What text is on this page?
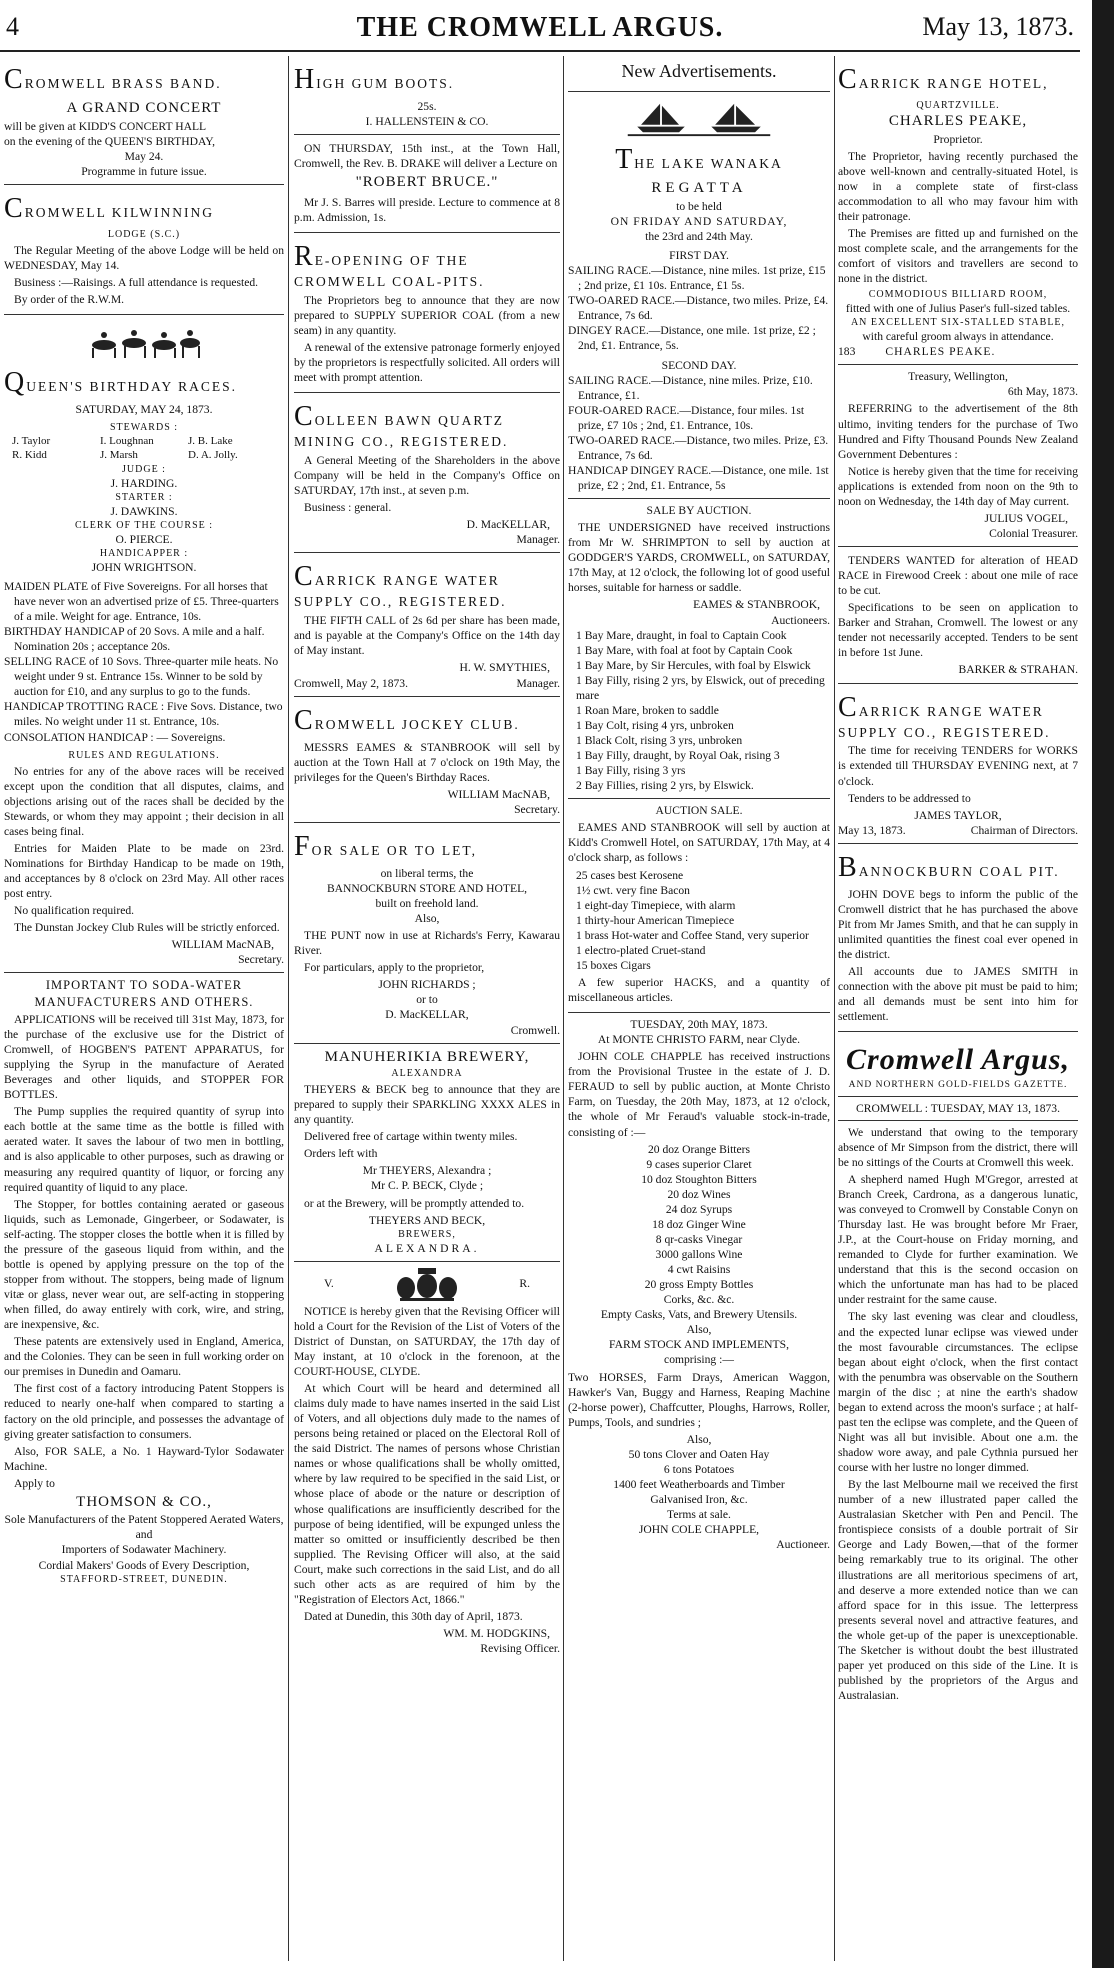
4	THE CROMWELL ARGUS.	May 13, 1873.
CROMWELL BRASS BAND.
A GRAND CONCERT
will be given at KIDD'S CONCERT HALL
on the evening of the QUEEN'S BIRTHDAY,
May 24.
Programme in future issue.
CROMWELL KILWINNING
LODGE (S.C.)

The Regular Meeting of the above Lodge will be held on WEDNESDAY, May 14.

Business :—Raisings. A full attendance is requested.

By order of the R.W.M.

QUEEN'S BIRTHDAY RACES.
SATURDAY, MAY 24, 1873.
STEWARDS :
J. Taylor	I. Loughnan	J. B. Lake
R. Kidd	J. Marsh	D. A. Jolly.
JUDGE :
J. HARDING.
STARTER :
J. DAWKINS.
CLERK OF THE COURSE :
O. PIERCE.
HANDICAPPER :
JOHN WRIGHTSON.
MAIDEN PLATE of Five Sovereigns. For all horses that have never won an advertised prize of £5. Three-quarters of a mile. Weight for age. Entrance, 10s.
BIRTHDAY HANDICAP of 20 Sovs. A mile and a half. Nomination 20s ; acceptance 20s.
SELLING RACE of 10 Sovs. Three-quarter mile heats. No weight under 9 st. Entrance 15s. Winner to be sold by auction for £10, and any surplus to go to the funds.
HANDICAP TROTTING RACE : Five Sovs. Distance, two miles. No weight under 11 st. Entrance, 10s.
CONSOLATION HANDICAP : — Sovereigns.
RULES AND REGULATIONS.

No entries for any of the above races will be received except upon the condition that all disputes, claims, and objections arising out of the races shall be decided by the Stewards, or whom they may appoint ; their decision in all cases being final.

Entries for Maiden Plate to be made on 23rd. Nominations for Birthday Handicap to be made on 19th, and acceptances by 8 o'clock on 23rd May. All other races post entry.

No qualification required.

The Dunstan Jockey Club Rules will be strictly enforced.

WILLIAM MacNAB,
Secretary.
IMPORTANT TO SODA-WATER MANUFACTURERS AND OTHERS.

APPLICATIONS will be received till 31st May, 1873, for the purchase of the exclusive use for the District of Cromwell, of HOGBEN'S PATENT APPARATUS, for supplying the Syrup in the manufacture of Aerated Beverages and other liquids, and STOPPER FOR BOTTLES.

The Pump supplies the required quantity of syrup into each bottle at the same time as the bottle is filled with aerated water. It saves the labour of two men in bottling, and is also applicable to other purposes, such as drawing or measuring any required quantity of liquor, or forcing any required quantity of liquid to any place.

The Stopper, for bottles containing aerated or gaseous liquids, such as Lemonade, Gingerbeer, or Sodawater, is self-acting. The stopper closes the bottle when it is filled by the pressure of the gaseous liquid from within, and the bottle is opened by applying pressure on the top of the stopper from without. The stoppers, being made of lignum vitæ or glass, never wear out, are self-acting in stoppering when filled, do away entirely with cork, wire, and string, are inexpensive, &c.

These patents are extensively used in England, America, and the Colonies. They can be seen in full working order on our premises in Dunedin and Oamaru.

The first cost of a factory introducing Patent Stoppers is reduced to nearly one-half when compared to starting a factory on the old principle, and possesses the advantage of giving greater satisfaction to consumers.

Also, FOR SALE, a No. 1 Hayward-Tylor Sodawater Machine.

Apply to

THOMSON & CO.,
Sole Manufacturers of the Patent Stoppered Aerated Waters, and
Importers of Sodawater Machinery.
Cordial Makers' Goods of Every Description,
STAFFORD-STREET, DUNEDIN.
HIGH GUM BOOTS.
25s.
I. HALLENSTEIN & CO.

ON THURSDAY, 15th inst., at the Town Hall, Cromwell, the Rev. B. DRAKE will deliver a Lecture on

"ROBERT BRUCE."

Mr J. S. Barres will preside. Lecture to commence at 8 p.m. Admission, 1s.

RE-OPENING OF THE CROMWELL COAL-PITS.

The Proprietors beg to announce that they are now prepared to SUPPLY SUPERIOR COAL (from a new seam) in any quantity.

A renewal of the extensive patronage formerly enjoyed by the proprietors is respectfully solicited. All orders will meet with prompt attention.

COLLEEN BAWN QUARTZ MINING CO., REGISTERED.

A General Meeting of the Shareholders in the above Company will be held in the Company's Office on SATURDAY, 17th inst., at seven p.m.

Business : general.

D. MacKELLAR,
Manager.
CARRICK RANGE WATER SUPPLY CO., REGISTERED.

THE FIFTH CALL of 2s 6d per share has been made, and is payable at the Company's Office on the 14th day of May instant.

H. W. SMYTHIES,
Cromwell, May 2, 1873.	Manager.
CROMWELL JOCKEY CLUB.

MESSRS EAMES & STANBROOK will sell by auction at the Town Hall at 7 o'clock on 19th May, the privileges for the Queen's Birthday Races.

WILLIAM MacNAB,
Secretary.
FOR SALE OR TO LET,
on liberal terms, the
BANNOCKBURN STORE AND HOTEL,
built on freehold land.
Also,

THE PUNT now in use at Richards's Ferry, Kawarau River.

For particulars, apply to the proprietor,

JOHN RICHARDS ;
or to
D. MacKELLAR,
Cromwell.
MANUHERIKIA BREWERY,
ALEXANDRA

THEYERS & BECK beg to announce that they are prepared to supply their SPARKLING XXXX ALES in any quantity.

Delivered free of cartage within twenty miles.

Orders left with

Mr THEYERS, Alexandra ;
Mr C. P. BECK, Clyde ;

or at the Brewery, will be promptly attended to.

THEYERS AND BECK,
BREWERS,
ALEXANDRA.
V.	R.

NOTICE is hereby given that the Revising Officer will hold a Court for the Revision of the List of Voters of the District of Dunstan, on SATURDAY, the 17th day of May instant, at 10 o'clock in the forenoon, at the COURT-HOUSE, CLYDE.

At which Court will be heard and determined all claims duly made to have names inserted in the said List of Voters, and all objections duly made to the names of persons being retained or placed on the Electoral Roll of the said District. The names of persons whose Christian names or whose qualifications shall be wholly omitted, where by law required to be specified in the said List, or whose place of abode or the nature or description of whose qualifications are insufficiently described for the purpose of being identified, will be expunged unless the matter so omitted or insufficiently described be then supplied. The Revising Officer will also, at the said Court, make such corrections in the said List, and do all such other acts as are required of him by the "Registration of Electors Act, 1866."

Dated at Dunedin, this 30th day of April, 1873.

WM. M. HODGKINS,
Revising Officer.
New Advertisements.
THE LAKE WANAKA
REGATTA
to be held
ON FRIDAY AND SATURDAY,
the 23rd and 24th May.
FIRST DAY.
SAILING RACE.—Distance, nine miles. 1st prize, £15 ; 2nd prize, £1 10s. Entrance, £1 5s.
TWO-OARED RACE.—Distance, two miles. Prize, £4. Entrance, 7s 6d.
DINGEY RACE.—Distance, one mile. 1st prize, £2 ; 2nd, £1. Entrance, 5s.
SECOND DAY.
SAILING RACE.—Distance, nine miles. Prize, £10. Entrance, £1.
FOUR-OARED RACE.—Distance, four miles. 1st prize, £7 10s ; 2nd, £1. Entrance, 10s.
TWO-OARED RACE.—Distance, two miles. Prize, £3. Entrance, 7s 6d.
HANDICAP DINGEY RACE.—Distance, one mile. 1st prize, £2 ; 2nd, £1. Entrance, 5s
SALE BY AUCTION.

THE UNDERSIGNED have received instructions from Mr W. SHRIMPTON to sell by auction at GODDGER'S YARDS, CROMWELL, on SATURDAY, 17th May, at 12 o'clock, the following lot of good useful horses, suitable for harness or saddle.

EAMES & STANBROOK,
Auctioneers.
1 Bay Mare, draught, in foal to Captain Cook
1 Bay Mare, with foal at foot by Captain Cook
1 Bay Mare, by Sir Hercules, with foal by Elswick
1 Bay Filly, rising 2 yrs, by Elswick, out of preceding mare
1 Roan Mare, broken to saddle
1 Bay Colt, rising 4 yrs, unbroken
1 Black Colt, rising 3 yrs, unbroken
1 Bay Filly, draught, by Royal Oak, rising 3
1 Bay Filly, rising 3 yrs
2 Bay Fillies, rising 2 yrs, by Elswick.
AUCTION SALE.

EAMES AND STANBROOK will sell by auction at Kidd's Cromwell Hotel, on SATURDAY, 17th May, at 4 o'clock sharp, as follows :

25 cases best Kerosene
1½ cwt. very fine Bacon
1 eight-day Timepiece, with alarm
1 thirty-hour American Timepiece
1 brass Hot-water and Coffee Stand, very superior
1 electro-plated Cruet-stand
15 boxes Cigars

A few superior HACKS, and a quantity of miscellaneous articles.

TUESDAY, 20th MAY, 1873.
At MONTE CHRISTO FARM, near Clyde.

JOHN COLE CHAPPLE has received instructions from the Provisional Trustee in the estate of J. D. FERAUD to sell by public auction, at Monte Christo Farm, on Tuesday, the 20th May, 1873, at 12 o'clock, the whole of Mr Feraud's valuable stock-in-trade, consisting of :—

20 doz Orange Bitters
9 cases superior Claret
10 doz Stoughton Bitters
20 doz Wines
24 doz Syrups
18 doz Ginger Wine
8 qr-casks Vinegar
3000 gallons Wine
4 cwt Raisins
20 gross Empty Bottles
Corks, &c. &c.
Empty Casks, Vats, and Brewery Utensils.
Also,
FARM STOCK AND IMPLEMENTS,
comprising :—

Two HORSES, Farm Drays, American Waggon, Hawker's Van, Buggy and Harness, Reaping Machine (2-horse power), Chaffcutter, Ploughs, Harrows, Roller, Pumps, Tools, and sundries ;

Also,
50 tons Clover and Oaten Hay
6 tons Potatoes
1400 feet Weatherboards and Timber
Galvanised Iron, &c.
Terms at sale.
JOHN COLE CHAPPLE,
Auctioneer.
CARRICK RANGE HOTEL,
QUARTZVILLE.
CHARLES PEAKE,
Proprietor.

The Proprietor, having recently purchased the above well-known and centrally-situated Hotel, is now in a complete state of first-class accommodation to all who may favour him with their patronage.

The Premises are fitted up and furnished on the most complete scale, and the arrangements for the comfort of visitors and travellers are second to none in the district.

COMMODIOUS BILLIARD ROOM,
fitted with one of Julius Paser's full-sized tables.
AN EXCELLENT SIX-STALLED STABLE,
with careful groom always in attendance.
183	CHARLES PEAKE.
Treasury, Wellington,
6th May, 1873.

REFERRING to the advertisement of the 8th ultimo, inviting tenders for the purchase of Two Hundred and Fifty Thousand Pounds New Zealand Government Debentures :

Notice is hereby given that the time for receiving applications is extended from noon on the 9th to noon on Wednesday, the 14th day of May current.

JULIUS VOGEL,
Colonial Treasurer.

TENDERS WANTED for alteration of HEAD RACE in Firewood Creek : about one mile of race to be cut.

Specifications to be seen on application to Barker and Strahan, Cromwell. The lowest or any tender not necessarily accepted. Tenders to be sent in before 1st June.

BARKER & STRAHAN.
CARRICK RANGE WATER SUPPLY CO., REGISTERED.

The time for receiving TENDERS for WORKS is extended till THURSDAY EVENING next, at 7 o'clock.

Tenders to be addressed to

JAMES TAYLOR,
May 13, 1873.	Chairman of Directors.
BANNOCKBURN COAL PIT.

JOHN DOVE begs to inform the public of the Cromwell district that he has purchased the above Pit from Mr James Smith, and that he can supply in unlimited quantities the finest coal ever opened in the district.

All accounts due to JAMES SMITH in connection with the above pit must be paid to him; and all demands must be sent into him for settlement.

Cromwell Argus,
AND NORTHERN GOLD-FIELDS GAZETTE.
CROMWELL : TUESDAY, MAY 13, 1873.

We understand that owing to the temporary absence of Mr Simpson from the district, there will be no sittings of the Courts at Cromwell this week.

A shepherd named Hugh M'Gregor, arrested at Branch Creek, Cardrona, as a dangerous lunatic, was conveyed to Cromwell by Constable Conyn on Thursday last. He was brought before Mr Fraer, J.P., at the Court-house on Friday morning, and remanded to Clyde for further examination. We understand that this is the second occasion on which the unfortunate man has had to be placed under restraint for the same cause.

The sky last evening was clear and cloudless, and the expected lunar eclipse was viewed under the most favourable circumstances. The eclipse began about eight o'clock, when the first contact with the penumbra was observable on the Southern margin of the disc ; at nine the earth's shadow began to extend across the moon's surface ; at half-past ten the eclipse was complete, and the Queen of Night was all but invisible. About one a.m. the shadow wore away, and pale Cythnia pursued her course with her lustre no longer dimmed.

By the last Melbourne mail we received the first number of a new illustrated paper called the Australasian Sketcher with Pen and Pencil. The frontispiece consists of a double portrait of Sir George and Lady Bowen,—that of the former being remarkably true to its original. The other illustrations are all meritorious specimens of art, and deserve a more extended notice than we can afford space for in this issue. The letterpress presents several novel and attractive features, and the whole get-up of the paper is unexceptionable. The Sketcher is without doubt the best illustrated paper yet produced on this side of the Line. It is published by the proprietors of the Argus and Australasian.
